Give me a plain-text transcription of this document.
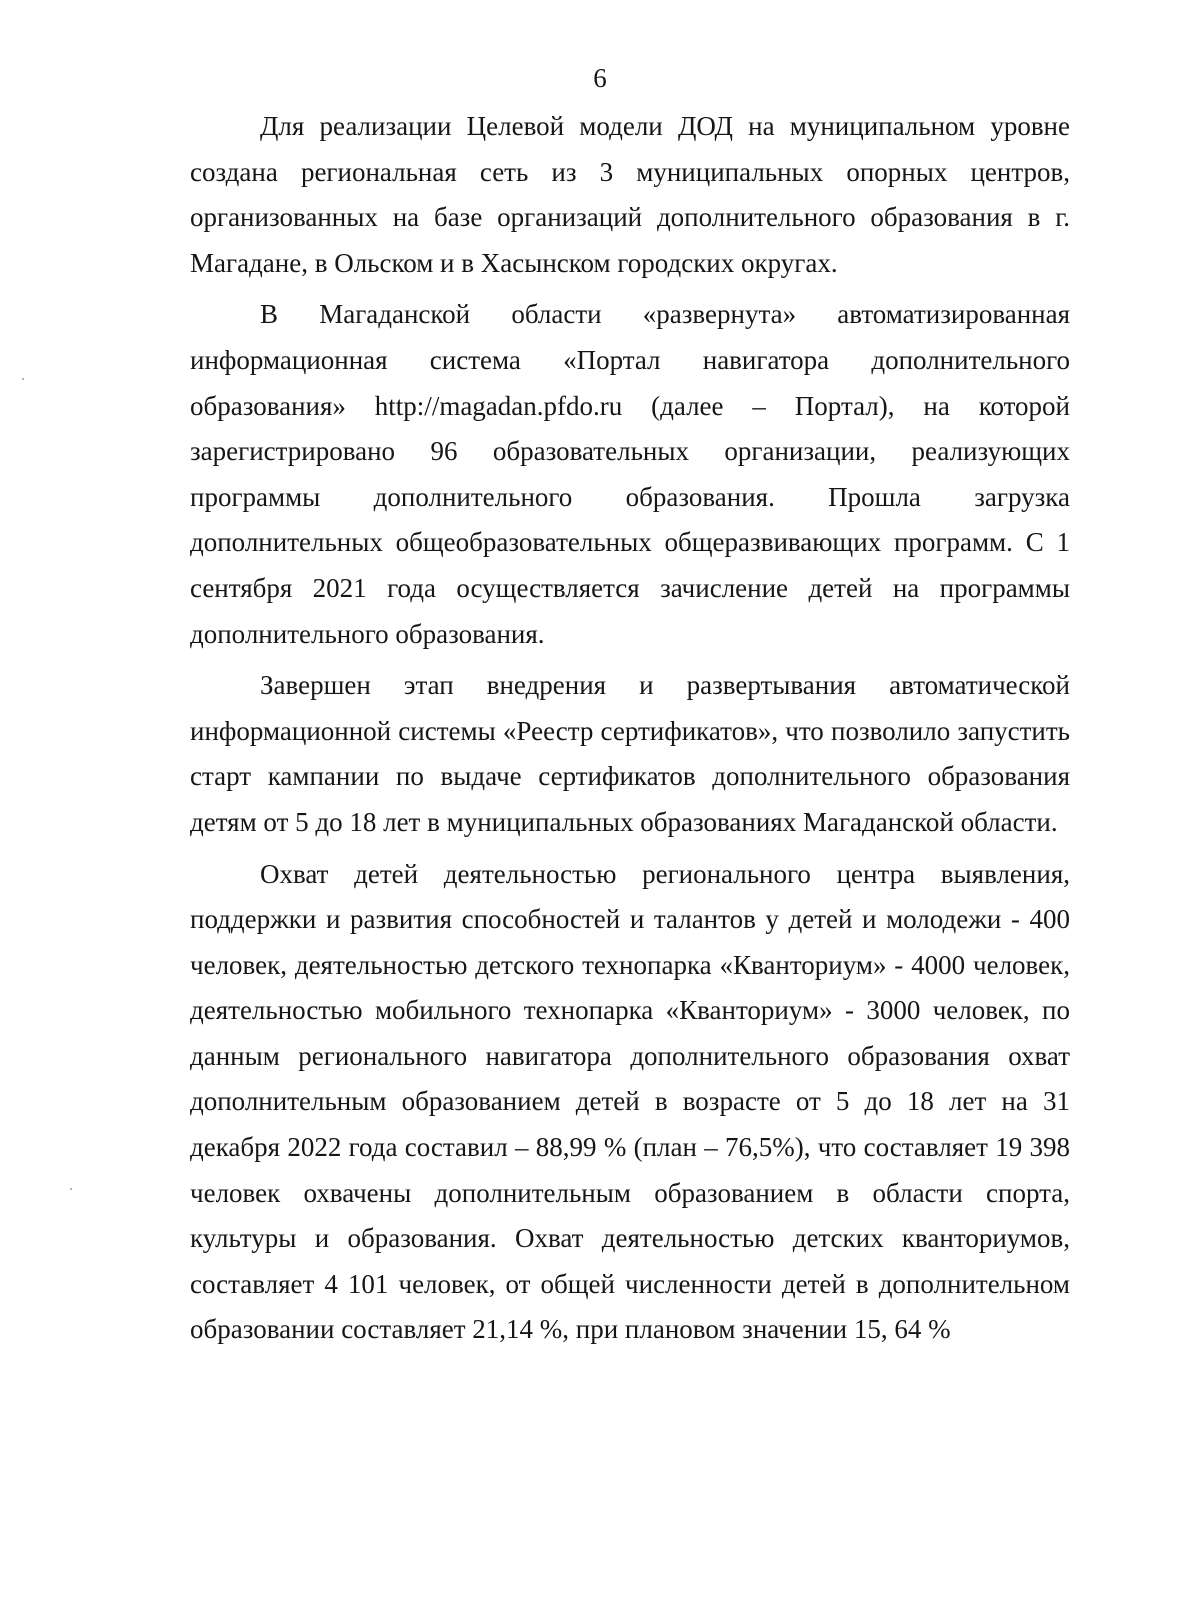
6

Для реализации Целевой модели ДОД на муниципальном уровне создана региональная сеть из 3 муниципальных опорных центров, организованных на базе организаций дополнительного образования в г. Магадане, в Ольском и в Хасынском городских округах.

В Магаданской области «развернута» автоматизированная информационная система «Портал навигатора дополнительного образования» http://magadan.pfdo.ru (далее – Портал), на которой зарегистрировано 96 образовательных организации, реализующих программы дополнительного образования. Прошла загрузка дополнительных общеобразовательных общеразвивающих программ. С 1 сентября 2021 года осуществляется зачисление детей на программы дополнительного образования.

Завершен этап внедрения и развертывания автоматической информационной системы «Реестр сертификатов», что позволило запустить старт кампании по выдаче сертификатов дополнительного образования детям от 5 до 18 лет в муниципальных образованиях Магаданской области.

Охват детей деятельностью регионального центра выявления, поддержки и развития способностей и талантов у детей и молодежи - 400 человек, деятельностью детского технопарка «Кванториум» - 4000 человек, деятельностью мобильного технопарка «Кванториум» - 3000 человек, по данным регионального навигатора дополнительного образования охват дополнительным образованием детей в возрасте от 5 до 18 лет на 31 декабря 2022 года составил – 88,99 % (план – 76,5%), что составляет 19 398 человек охвачены дополнительным образованием в области спорта, культуры и образования. Охват деятельностью детских кванториумов, составляет 4 101 человек, от общей численности детей в дополнительном образовании составляет 21,14 %, при плановом значении 15, 64 %
